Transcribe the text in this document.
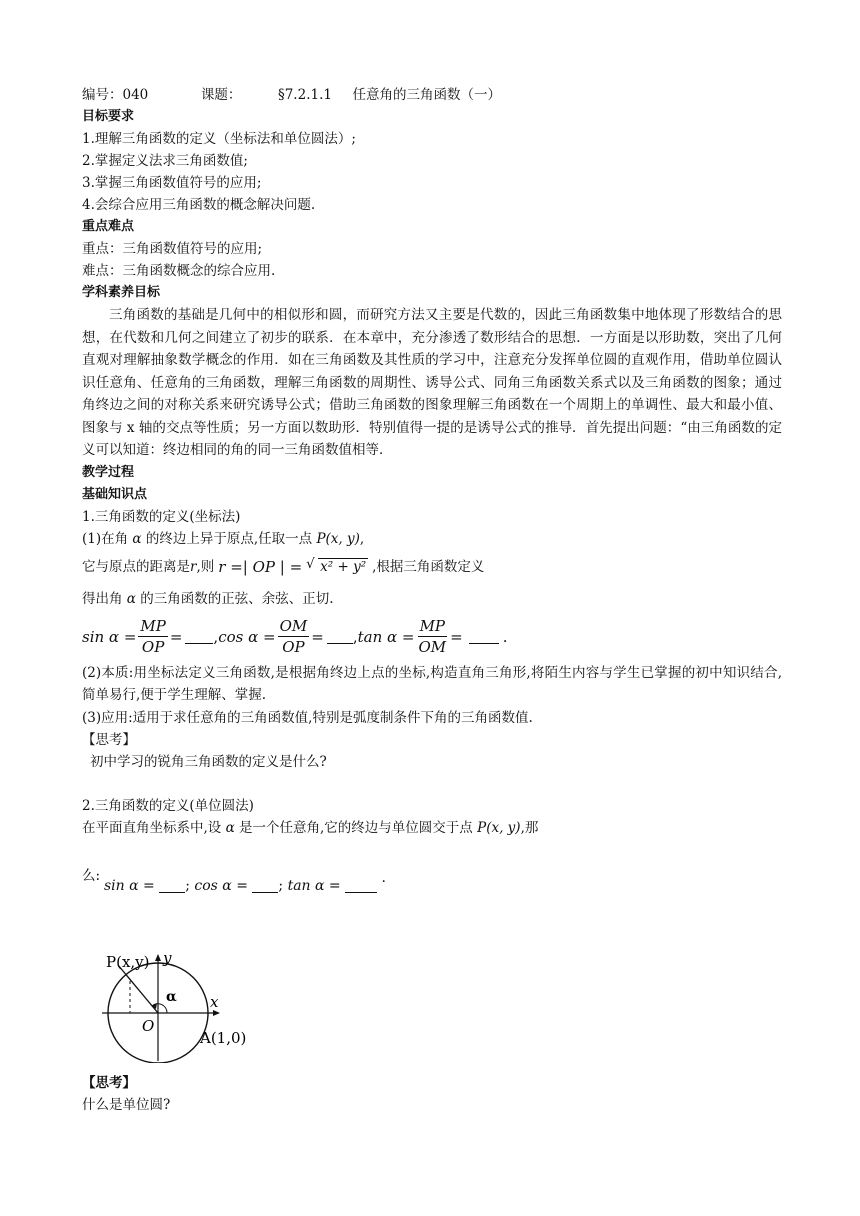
编号：040	课题：	§7.2.1.1 任意角的三角函数（一）
目标要求
1.理解三角函数的定义（坐标法和单位圆法）;
2.掌握定义法求三角函数值;
3.掌握三角函数值符号的应用;
4.会综合应用三角函数的概念解决问题.
重点难点
重点：三角函数值符号的应用;
难点：三角函数概念的综合应用.
学科素养目标
三角函数的基础是几何中的相似形和圆，而研究方法又主要是代数的，因此三角函数集中地体现了形数结合的思想，在代数和几何之间建立了初步的联系．在本章中，充分渗透了数形结合的思想．一方面是以形助数，突出了几何直观对理解抽象数学概念的作用．如在三角函数及其性质的学习中，注意充分发挥单位圆的直观作用，借助单位圆认识任意角、任意角的三角函数，理解三角函数的周期性、诱导公式、同角三角函数关系式以及三角函数的图象；通过角终边之间的对称关系来研究诱导公式；借助三角函数的图象理解三角函数在一个周期上的单调性、最大和最小值、图象与 x 轴的交点等性质；另一方面以数助形．特别值得一提的是诱导公式的推导．首先提出问题：“由三角函数的定义可以知道：终边相同的角的同一三角函数值相等．
教学过程
基础知识点
1.三角函数的定义(坐标法)
(1)在角 α 的终边上异于原点,任取一点 P(x, y),
它与原点的距离是 r ,则 r =| OP | = √ x² + y² ,根据三角函数定义
得出角 α 的三角函数的正弦、余弦、正切.
$\sin \alpha = \frac{MP}{OP}$ = , $\cos \alpha = \frac{OM}{OP}$ = , $\tan \alpha = \frac{MP}{OM}$ =	.
(2)本质:用坐标法定义三角函数,是根据角终边上点的坐标,构造直角三角形,将陌生内容与学生已掌握的初中知识结合,简单易行,便于学生理解、掌握.
(3)应用:适用于求任意角的三角函数值,特别是弧度制条件下角的三角函数值.
【思考】
初中学习的锐角三角函数的定义是什么?
2.三角函数的定义(单位圆法)
在平面直角坐标系中,设 α 是一个任意角,它的终边与单位圆交于点 P(x, y),那
么:
sin α = ; cos α = ; tan α =	.
P(x,y) y
x
O
α
A(1,0)
【思考】
什么是单位圆?
